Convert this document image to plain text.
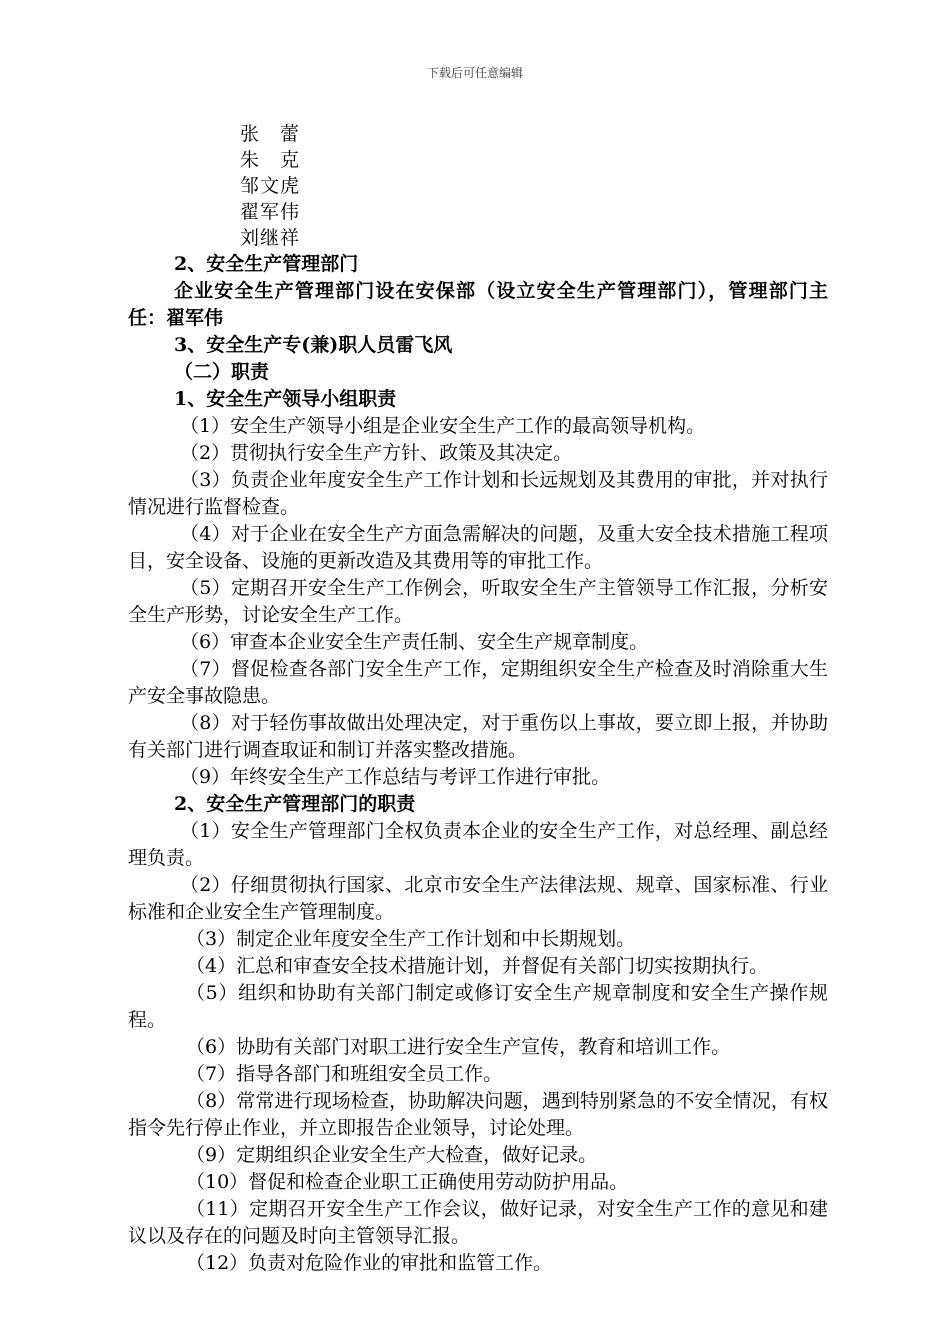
下载后可任意编辑
张　蕾
朱　克
邹文虎
翟军伟
刘继祥
2、安全生产管理部门
企业安全生产管理部门设在安保部（设立安全生产管理部门），管理部门主任：翟军伟
3、安全生产专(兼)职人员雷飞风
（二）职责
1、安全生产领导小组职责
（1）安全生产领导小组是企业安全生产工作的最高领导机构。
（2）贯彻执行安全生产方针、政策及其决定。
（3）负责企业年度安全生产工作计划和长远规划及其费用的审批，并对执行情况进行监督检查。
（4）对于企业在安全生产方面急需解决的问题，及重大安全技术措施工程项目，安全设备、设施的更新改造及其费用等的审批工作。
（5）定期召开安全生产工作例会，听取安全生产主管领导工作汇报，分析安全生产形势，讨论安全生产工作。
（6）审查本企业安全生产责任制、安全生产规章制度。
（7）督促检查各部门安全生产工作，定期组织安全生产检查及时消除重大生产安全事故隐患。
（8）对于轻伤事故做出处理决定，对于重伤以上事故，要立即上报，并协助有关部门进行调查取证和制订并落实整改措施。
（9）年终安全生产工作总结与考评工作进行审批。
2、安全生产管理部门的职责
（1）安全生产管理部门全权负责本企业的安全生产工作，对总经理、副总经理负责。
（2）仔细贯彻执行国家、北京市安全生产法律法规、规章、国家标准、行业标准和企业安全生产管理制度。
（3）制定企业年度安全生产工作计划和中长期规划。
（4）汇总和审查安全技术措施计划，并督促有关部门切实按期执行。
（5）组织和协助有关部门制定或修订安全生产规章制度和安全生产操作规程。
（6）协助有关部门对职工进行安全生产宣传，教育和培训工作。
（7）指导各部门和班组安全员工作。
（8）常常进行现场检查，协助解决问题，遇到特别紧急的不安全情况，有权指令先行停止作业，并立即报告企业领导，讨论处理。
（9）定期组织企业安全生产大检查，做好记录。
（10）督促和检查企业职工正确使用劳动防护用品。
（11）定期召开安全生产工作会议，做好记录，对安全生产工作的意见和建议以及存在的问题及时向主管领导汇报。
（12）负责对危险作业的审批和监管工作。
